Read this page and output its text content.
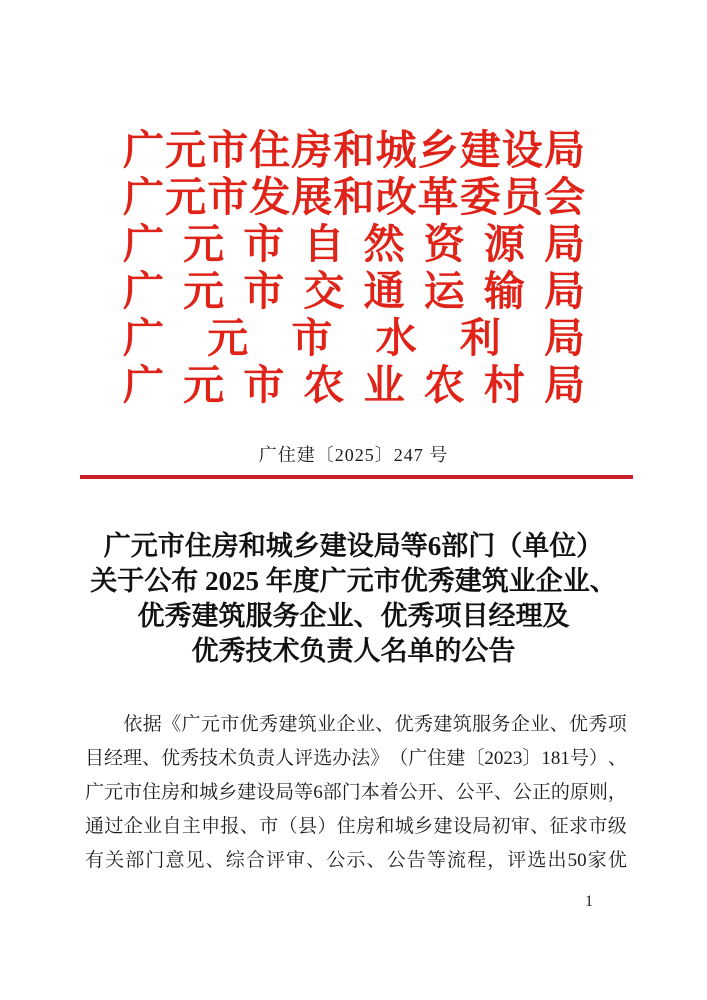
广 元 市 住 房 和 城 乡 建 设 局
广 元 市 发 展 和 改 革 委 员 会
广 元 市 自 然 资 源 局
广 元 市 交 通 运 输 局
广 元 市 水 利 局
广 元 市 农 业 农 村 局
广住建〔2025〕247 号
广元市住房和城乡建设局等6部门（单位）
关于公布 2025 年度广元市优秀建筑业企业、
优秀建筑服务企业、优秀项目经理及
优秀技术负责人名单的公告
依 据 《 广 元 市 优 秀 建 筑 业 企 业 、 优 秀 建 筑 服 务 企 业 、 优 秀 项
目 经 理 、 优 秀 技 术 负 责 人 评 选 办 法 》 （ 广 住 建 〔 2023 〕 181 号 ） 、
广 元 市 住 房 和 城 乡 建 设 局 等 6 部 门 本 着 公 开 、 公 平 、 公 正 的 原 则 ，
通 过 企 业 自 主 申 报 、 市 （ 县 ） 住 房 和 城 乡 建 设 局 初 审 、 征 求 市 级
有 关 部 门 意 见 、 综 合 评 审 、 公 示 、 公 告 等 流 程 ， 评 选 出 50 家 优
1
